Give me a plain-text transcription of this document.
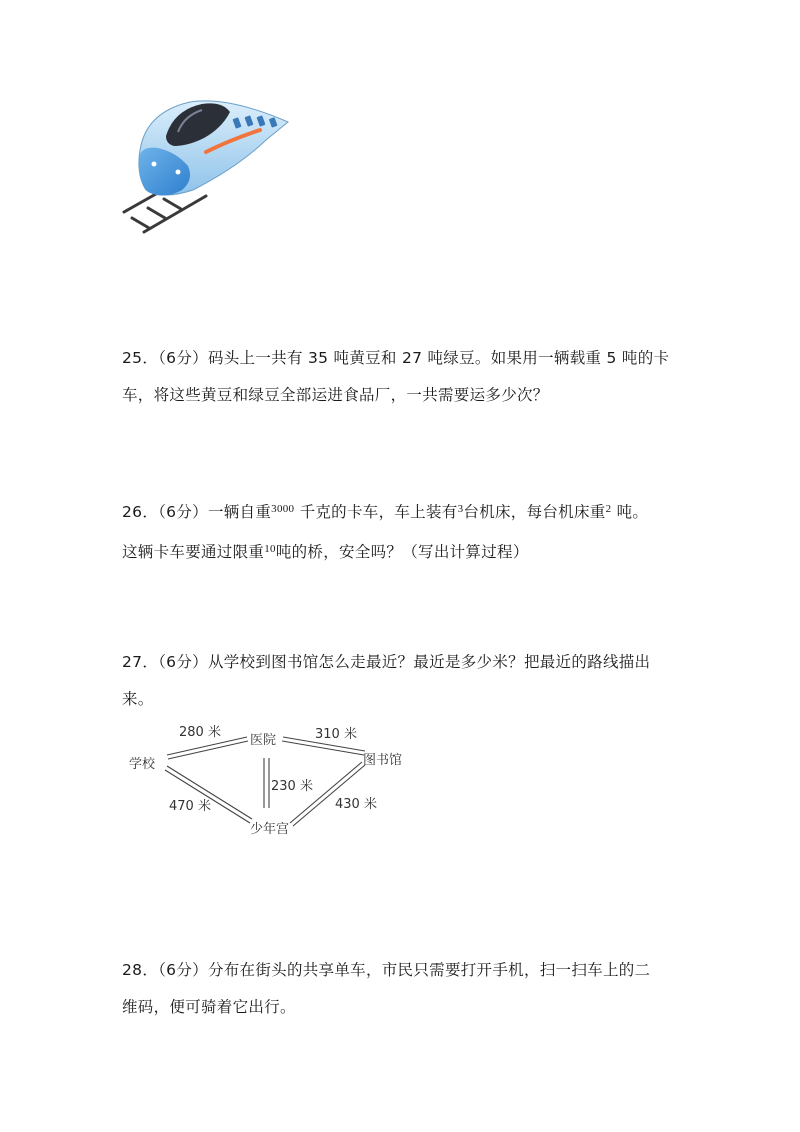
25．（6分）码头上一共有 35 吨黄豆和 27 吨绿豆。如果用一辆载重 5 吨的卡

车，将这些黄豆和绿豆全部运进食品厂，一共需要运多少次？

26．（6分）一辆自重$^{3000}$ 千克的卡车，车上装有$^3$台机床，每台机床重$^2$ 吨。

这辆卡车要通过限重$^{10}$吨的桥，安全吗？（写出计算过程）

27．（6分）从学校到图书馆怎么走最近？最近是多少米？把最近的路线描出

来。

学校
医院
图书馆
少年宫
280 米	310 米
230 米
470 米	430 米

28．（6分）分布在街头的共享单车，市民只需要打开手机，扫一扫车上的二

维码，便可骑着它出行。
